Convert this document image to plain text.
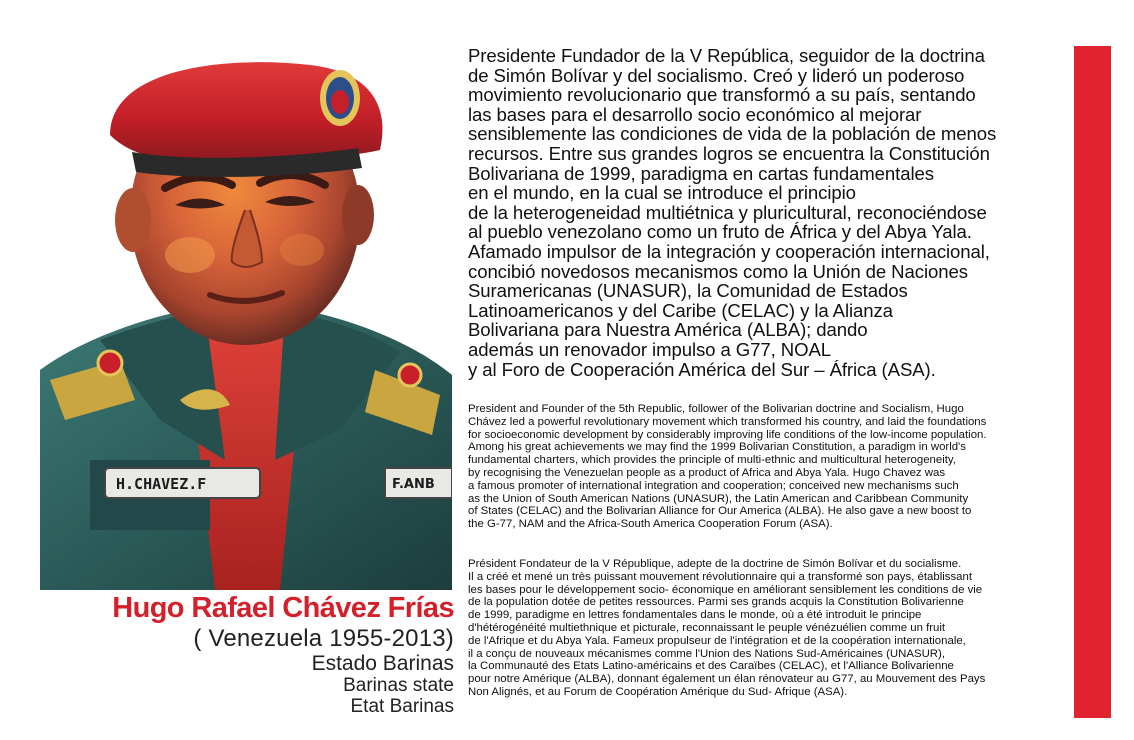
H.CHAVEZ.F	F.ANB
Hugo Rafael Chávez Frías
( Venezuela 1955-2013)
Estado Barinas
Barinas state
Etat Barinas

Presidente Fundador de la V República, seguidor de la doctrina
de Simón Bolívar y del socialismo. Creó y lideró un poderoso
movimiento revolucionario que transformó a su país, sentando
las bases para el desarrollo socio económico al mejorar
sensiblemente las condiciones de vida de la población de menos
recursos. Entre sus grandes logros se encuentra la Constitución
Bolivariana de 1999, paradigma en cartas fundamentales
en el mundo, en la cual se introduce el principio
de la heterogeneidad multiétnica y pluricultural, reconociéndose
al pueblo venezolano como un fruto de África y del Abya Yala.
Afamado impulsor de la integración y cooperación internacional,
concibió novedosos mecanismos como la Unión de Naciones
Suramericanas (UNASUR), la Comunidad de Estados
Latinoamericanos y del Caribe (CELAC) y la Alianza
Bolivariana para Nuestra América (ALBA); dando
además un renovador impulso a G77, NOAL
y al Foro de Cooperación América del Sur – África (ASA).

President and Founder of the 5th Republic, follower of the Bolivarian doctrine and Socialism, Hugo
Chávez led a powerful revolutionary movement which transformed his country, and laid the foundations
for socioeconomic development by considerably improving life conditions of the low-income population.
Among his great achievements we may find the 1999 Bolivarian Constitution, a paradigm in world's
fundamental charters, which provides the principle of multi-ethnic and multicultural heterogeneity,
by recognising the Venezuelan people as a product of Africa and Abya Yala. Hugo Chavez was
a famous promoter of international integration and cooperation; conceived new mechanisms such
as the Union of South American Nations (UNASUR), the Latin American and Caribbean Community
of States (CELAC) and the Bolivarian Alliance for Our America (ALBA). He also gave a new boost to
the G-77, NAM and the Africa-South America Cooperation Forum (ASA).

Président Fondateur de la V République, adepte de la doctrine de Simón Bolívar et du socialisme.
Il a créé et mené un très puissant mouvement révolutionnaire qui a transformé son pays, établissant
les bases pour le développement socio- économique en améliorant sensiblement les conditions de vie
de la population dotée de petites ressources. Parmi ses grands acquis la Constitution Bolivarienne
de 1999, paradigme en lettres fondamentales dans le monde, où a été introduit le principe
d'hétérogénéité multiethnique et picturale, reconnaissant le peuple vénézuélien comme un fruit
de l'Afrique et du Abya Yala. Fameux propulseur de l'intégration et de la coopération internationale,
il a conçu de nouveaux mécanismes comme l'Union des Nations Sud-Américaines (UNASUR),
la Communauté des Etats Latino-américains et des Caraïbes (CELAC), et l'Alliance Bolivarienne
pour notre Amérique (ALBA), donnant également un élan rénovateur au G77, au Mouvement des Pays
Non Alignés, et au Forum de Coopération Amérique du Sud- Afrique (ASA).
